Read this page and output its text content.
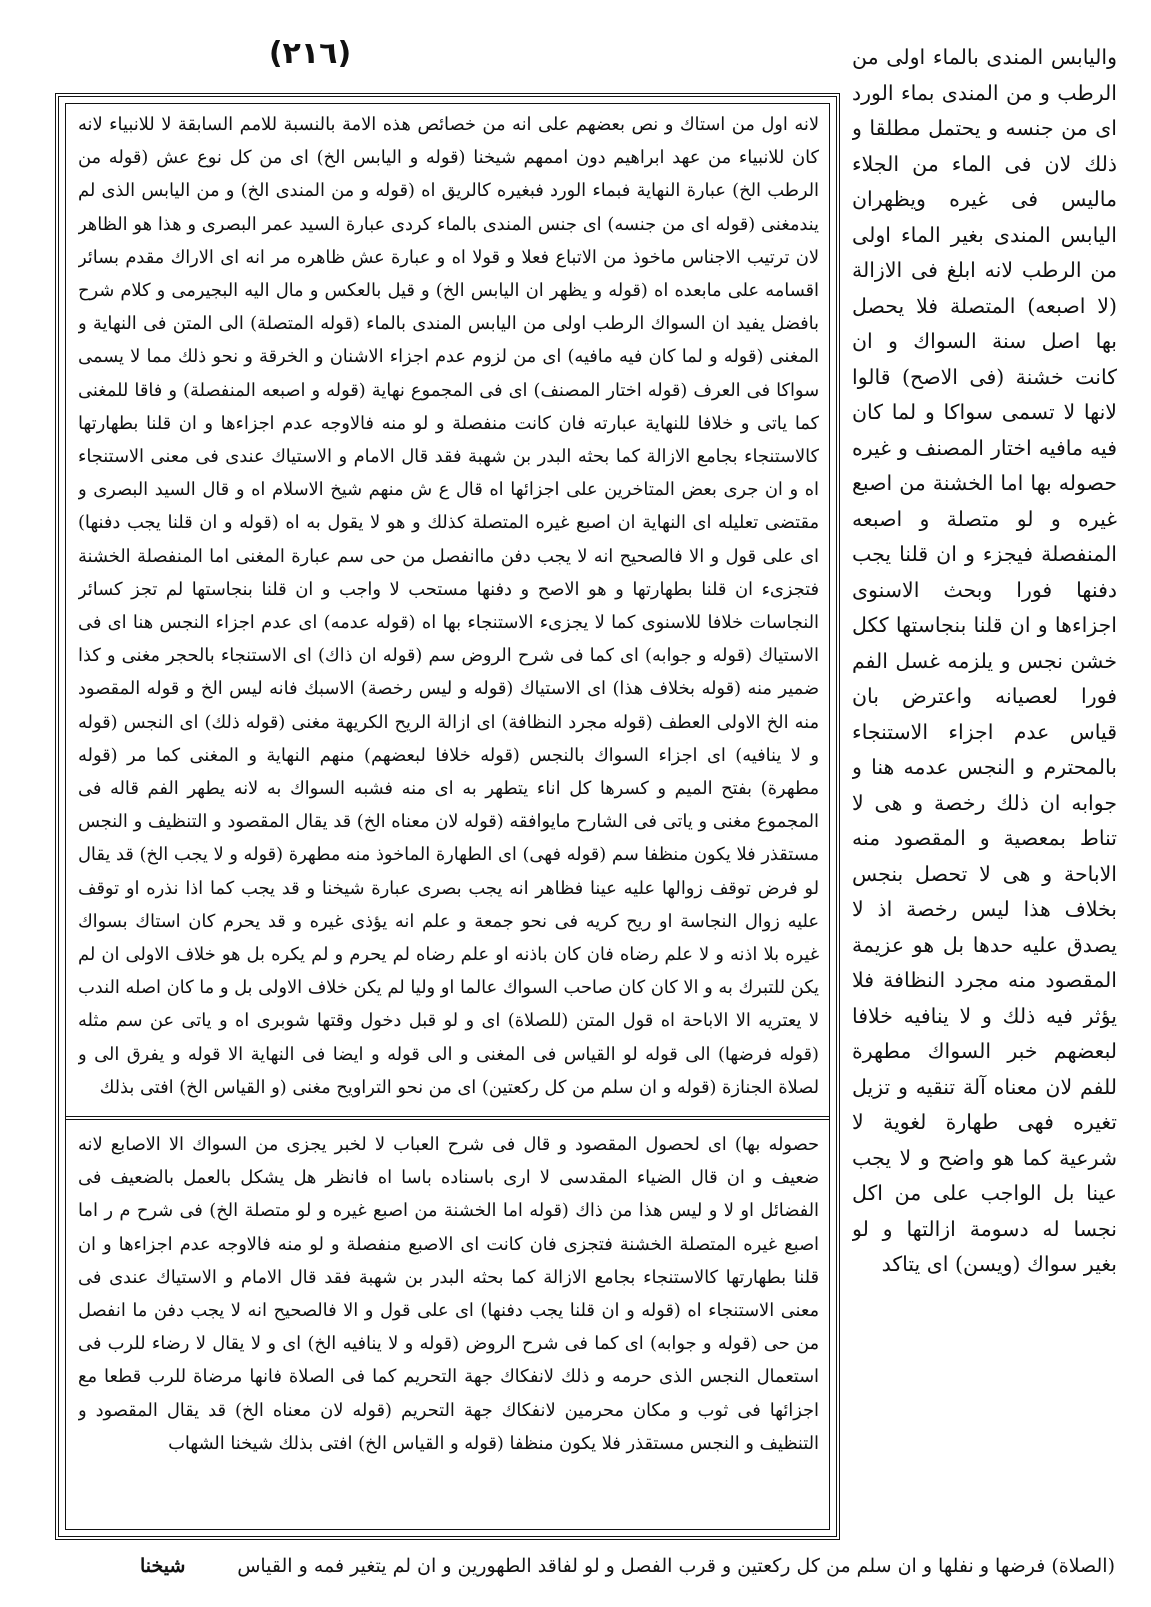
(٢١٦)	واليابس المندى بالماء اولى من الرطب و من المندى بماء الورد اى من جنسه و يحتمل مطلقا و ذلك لان فى الماء من الجلاء ماليس فى غيره ويظهران اليابس المندى بغير الماء اولى من الرطب لانه ابلغ فى الازالة (لا اصبعه) المتصلة فلا يحصل بها اصل سنة السواك و ان كانت خشنة (فى الاصح) قالوا لانها لا تسمى سواكا و لما كان فيه مافيه اختار المصنف و غيره حصوله بها اما الخشنة من اصبع غيره و لو متصلة و اصبعه المنفصلة فيجزء و ان قلنا يجب دفنها فورا وبحث الاسنوى اجزاءها و ان قلنا بنجاستها ككل خشن نجس و يلزمه غسل الفم فورا لعصيانه واعترض بان قياس عدم اجزاء الاستنجاء بالمحترم و النجس عدمه هنا و جوابه ان ذلك رخصة و هى لا تناط بمعصية و المقصود منه الاباحة و هى لا تحصل بنجس بخلاف هذا ليس رخصة اذ لا يصدق عليه حدها بل هو عزيمة المقصود منه مجرد النظافة فلا يؤثر فيه ذلك و لا ينافيه خلافا لبعضهم خبر السواك مطهرة للفم لان معناه آلة تنقيه و تزيل تغيره فهى طهارة لغوية لا شرعية كما هو واضح و لا يجب عينا بل الواجب على من اكل نجسا له دسومة ازالتها و لو بغير سواك (ويسن) اى يتاكد
لانه اول من استاك و نص بعضهم على انه من خصائص هذه الامة بالنسبة للامم السابقة لا للانبياء لانه كان للانبياء من عهد ابراهيم دون اممهم شيخنا (قوله و اليابس الخ) اى من كل نوع عش (قوله من الرطب الخ) عبارة النهاية فبماء الورد فبغيره كالريق اه (قوله و من المندى الخ) و من اليابس الذى لم يندمغنى (قوله اى من جنسه) اى جنس المندى بالماء كردى عبارة السيد عمر البصرى و هذا هو الظاهر لان ترتيب الاجناس ماخوذ من الاتباع فعلا و قولا اه و عبارة عش ظاهره مر انه اى الاراك مقدم بسائر اقسامه على مابعده اه (قوله و يظهر ان اليابس الخ) و قيل بالعكس و مال اليه البجيرمى و كلام شرح بافضل يفيد ان السواك الرطب اولى من اليابس المندى بالماء (قوله المتصلة) الى المتن فى النهاية و المغنى (قوله و لما كان فيه مافيه) اى من لزوم عدم اجزاء الاشنان و الخرقة و نحو ذلك مما لا يسمى سواكا فى العرف (قوله اختار المصنف) اى فى المجموع نهاية (قوله و اصبعه المنفصلة) و فاقا للمغنى كما ياتى و خلافا للنهاية عبارته فان كانت منفصلة و لو منه فالاوجه عدم اجزاءها و ان قلنا بطهارتها كالاستنجاء بجامع الازالة كما بحثه البدر بن شهبة فقد قال الامام و الاستياك عندى فى معنى الاستنجاء اه و ان جرى بعض المتاخرين على اجزائها اه قال ع ش منهم شيخ الاسلام اه و قال السيد البصرى و مقتضى تعليله اى النهاية ان اصبع غيره المتصلة كذلك و هو لا يقول به اه (قوله و ان قلنا يجب دفنها) اى على قول و الا فالصحيح انه لا يجب دفن ماانفصل من حى سم عبارة المغنى اما المنفصلة الخشنة فتجزىء ان قلنا بطهارتها و هو الاصح و دفنها مستحب لا واجب و ان قلنا بنجاستها لم تجز كسائر النجاسات خلافا للاسنوى كما لا يجزىء الاستنجاء بها اه (قوله عدمه) اى عدم اجزاء النجس هنا اى فى الاستياك (قوله و جوابه) اى كما فى شرح الروض سم (قوله ان ذاك) اى الاستنجاء بالحجر مغنى و كذا ضمير منه (قوله بخلاف هذا) اى الاستياك (قوله و ليس رخصة) الاسبك فانه ليس الخ و قوله المقصود منه الخ الاولى العطف (قوله مجرد النظافة) اى ازالة الريح الكريهة مغنى (قوله ذلك) اى النجس (قوله و لا ينافيه) اى اجزاء السواك بالنجس (قوله خلافا لبعضهم) منهم النهاية و المغنى كما مر (قوله مطهرة) بفتح الميم و كسرها كل اناء يتطهر به اى منه فشبه السواك به لانه يطهر الفم قاله فى المجموع مغنى و ياتى فى الشارح مايوافقه (قوله لان معناه الخ) قد يقال المقصود و التنظيف و النجس مستقذر فلا يكون منظفا سم (قوله فهى) اى الطهارة الماخوذ منه مطهرة (قوله و لا يجب الخ) قد يقال لو فرض توقف زوالها عليه عينا فظاهر انه يجب بصرى عبارة شيخنا و قد يجب كما اذا نذره او توقف عليه زوال النجاسة او ريح كريه فى نحو جمعة و علم انه يؤذى غيره و قد يحرم كان استاك بسواك غيره بلا اذنه و لا علم رضاه فان كان باذنه او علم رضاه لم يحرم و لم يكره بل هو خلاف الاولى ان لم يكن للتبرك به و الا كان كان صاحب السواك عالما او وليا لم يكن خلاف الاولى بل و ما كان اصله الندب لا يعتريه الا الاباحة اه قول المتن (للصلاة) اى و لو قبل دخول وقتها شوبرى اه و ياتى عن سم مثله (قوله فرضها) الى قوله لو القياس فى المغنى و الى قوله و ايضا فى النهاية الا قوله و يفرق الى و لصلاة الجنازة (قوله و ان سلم من كل ركعتين) اى من نحو التراويح مغنى (و القياس الخ) افتى بذلك
حصوله بها) اى لحصول المقصود و قال فى شرح العباب لا لخبر يجزى من السواك الا الاصابع لانه ضعيف و ان قال الضياء المقدسى لا ارى باسناده باسا اه فانظر هل يشكل بالعمل بالضعيف فى الفضائل او لا و ليس هذا من ذاك (قوله اما الخشنة من اصبع غيره و لو متصلة الخ) فى شرح م ر اما اصبع غيره المتصلة الخشنة فتجزى فان كانت اى الاصبع منفصلة و لو منه فالاوجه عدم اجزاءها و ان قلنا بطهارتها كالاستنجاء بجامع الازالة كما بحثه البدر بن شهبة فقد قال الامام و الاستياك عندى فى معنى الاستنجاء اه (قوله و ان قلنا يجب دفنها) اى على قول و الا فالصحيح انه لا يجب دفن ما انفصل من حى (قوله و جوابه) اى كما فى شرح الروض (قوله و لا ينافيه الخ) اى و لا يقال لا رضاء للرب فى استعمال النجس الذى حرمه و ذلك لانفكاك جهة التحريم كما فى الصلاة فانها مرضاة للرب قطعا مع اجزائها فى ثوب و مكان محرمين لانفكاك جهة التحريم (قوله لان معناه الخ) قد يقال المقصود و التنظيف و النجس مستقذر فلا يكون منظفا (قوله و القياس الخ) افتى بذلك شيخنا الشهاب
(الصلاة) فرضها و نفلها و ان سلم من كل ركعتين و قرب الفصل و لو لفاقد الطهورين و ان لم يتغير فمه و القياس
شيخنا
